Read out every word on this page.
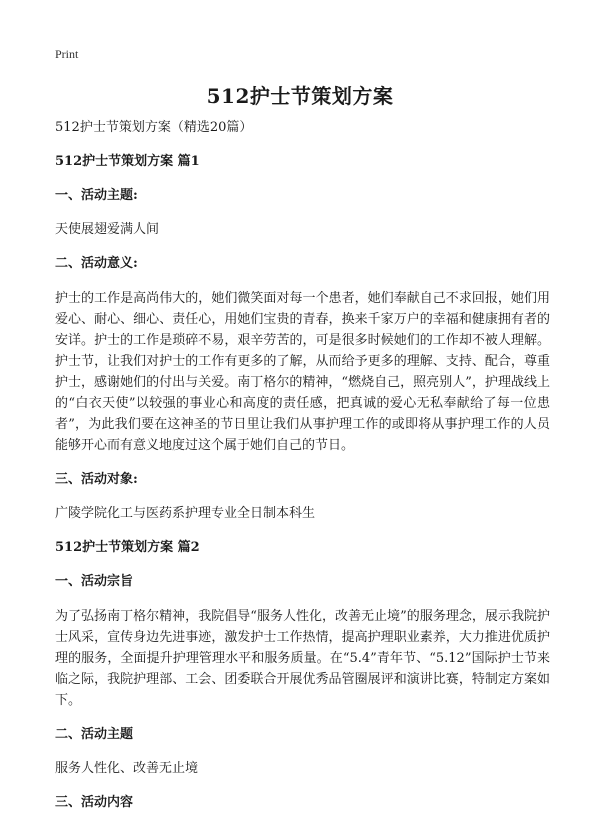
Print
512护士节策划方案

512护士节策划方案（精选20篇）

512护士节策划方案 篇1

一、活动主题:

天使展翅爱满人间

二、活动意义:

护士的工作是高尚伟大的，她们微笑面对每一个患者，她们奉献自己不求回报，她们用爱心、耐心、细心、责任心，用她们宝贵的青春，换来千家万户的幸福和健康拥有者的安详。护士的工作是琐碎不易，艰辛劳苦的，可是很多时候她们的工作却不被人理解。护士节，让我们对护士的工作有更多的了解，从而给予更多的理解、支持、配合，尊重护士，感谢她们的付出与关爱。南丁格尔的精神，“燃烧自己，照亮别人”，护理战线上的“白衣天使”以较强的事业心和高度的责任感，把真诚的爱心无私奉献给了每一位患者”，为此我们要在这神圣的节日里让我们从事护理工作的或即将从事护理工作的人员能够开心而有意义地度过这个属于她们自己的节日。

三、活动对象:

广陵学院化工与医药系护理专业全日制本科生

512护士节策划方案 篇2

一、活动宗旨

为了弘扬南丁格尔精神，我院倡导“服务人性化，改善无止境”的服务理念，展示我院护士风采，宣传身边先进事迹，激发护士工作热情，提高护理职业素养，大力推进优质护理的服务，全面提升护理管理水平和服务质量。在“5.4”青年节、“5.12”国际护士节来临之际，我院护理部、工会、团委联合开展优秀品管圈展评和演讲比赛，特制定方案如下。

二、活动主题

服务人性化、改善无止境

三、活动内容
